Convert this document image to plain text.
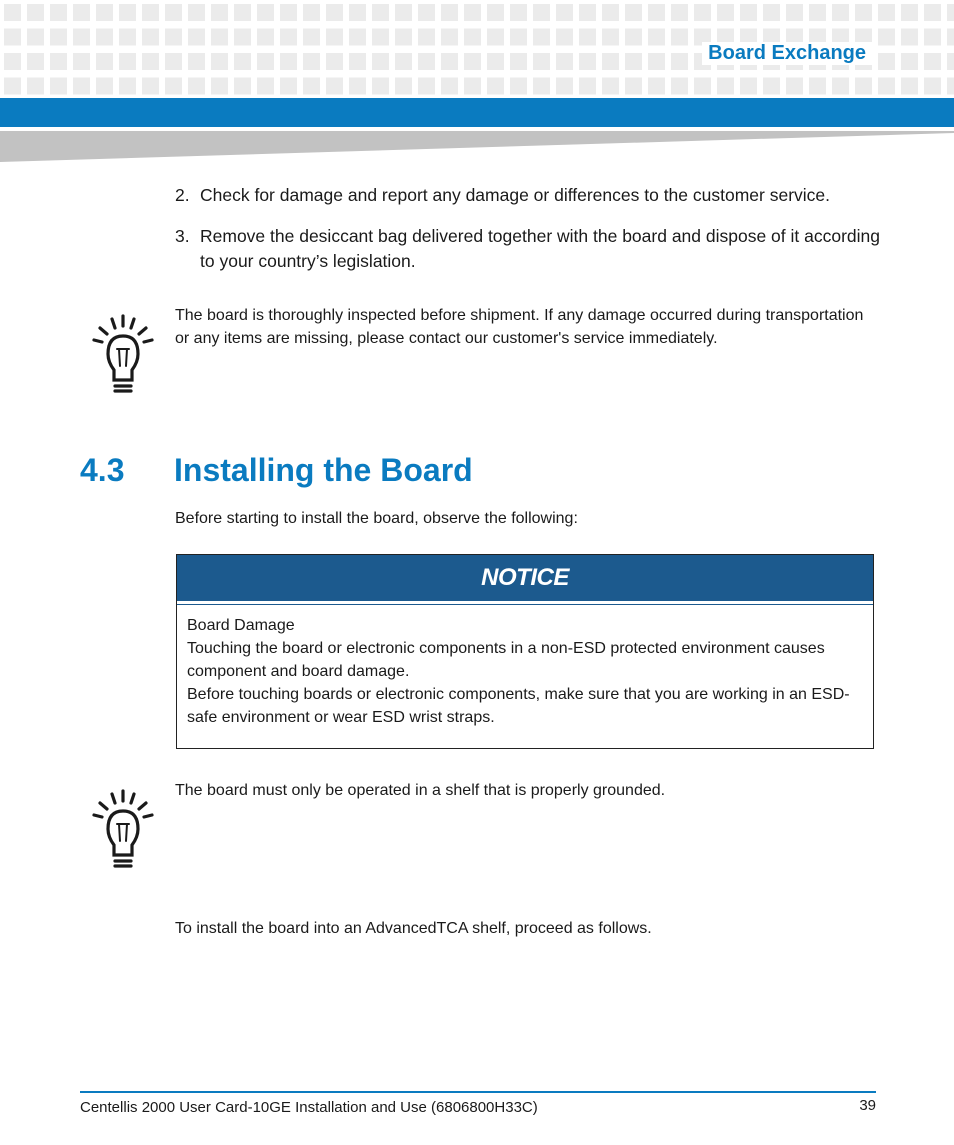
Board Exchange
2. Check for damage and report any damage or differences to the customer service.
3. Remove the desiccant bag delivered together with the board and dispose of it according to your country’s legislation.
The board is thoroughly inspected before shipment. If any damage occurred during transportation or any items are missing, please contact our customer's service immediately.
4.3 Installing the Board
Before starting to install the board, observe the following:
NOTICE
Board Damage
Touching the board or electronic components in a non-ESD protected environment causes component and board damage.
Before touching boards or electronic components, make sure that you are working in an ESD-safe environment or wear ESD wrist straps.
The board must only be operated in a shelf that is properly grounded.
To install the board into an AdvancedTCA shelf, proceed as follows.
Centellis 2000 User Card-10GE Installation and Use (6806800H33C)	39
